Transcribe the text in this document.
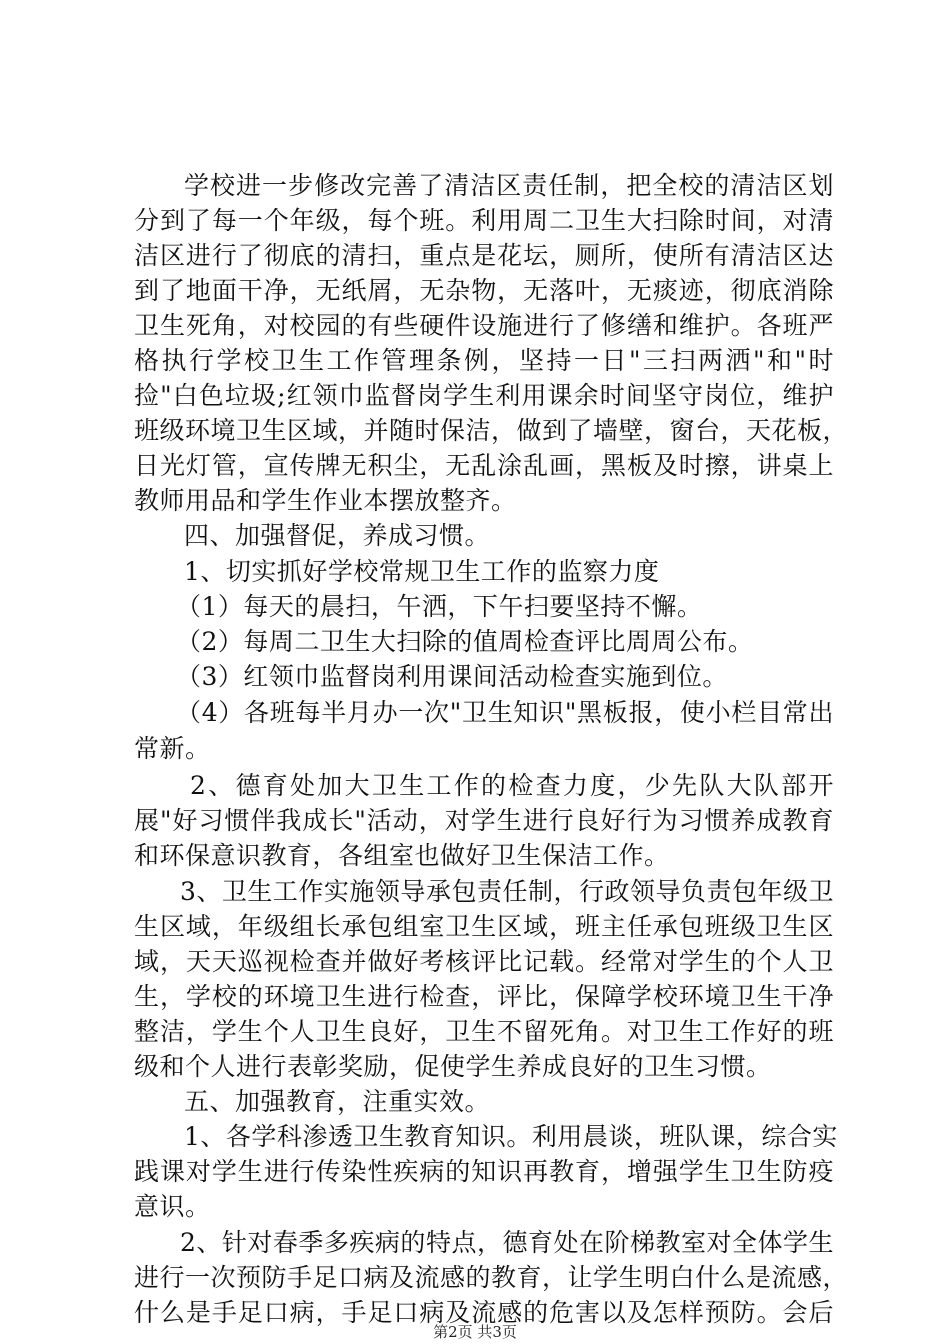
学校进一步修改完善了清洁区责任制，把全校的清洁区划
分到了每一个年级，每个班。利用周二卫生大扫除时间，对清
洁区进行了彻底的清扫，重点是花坛，厕所，使所有清洁区达
到了地面干净，无纸屑，无杂物，无落叶，无痰迹，彻底消除
卫生死角，对校园的有些硬件设施进行了修缮和维护。各班严
格执行学校卫生工作管理条例，坚持一日"三扫两洒"和"时
捡"白色垃圾;红领巾监督岗学生利用课余时间坚守岗位，维护
班级环境卫生区域，并随时保洁，做到了墙壁，窗台，天花板，
日光灯管，宣传牌无积尘，无乱涂乱画，黑板及时擦，讲桌上
教师用品和学生作业本摆放整齐。
四、加强督促，养成习惯。
1、切实抓好学校常规卫生工作的监察力度
（1）每天的晨扫，午洒，下午扫要坚持不懈。
（2）每周二卫生大扫除的值周检查评比周周公布。
（3）红领巾监督岗利用课间活动检查实施到位。
（4）各班每半月办一次"卫生知识"黑板报，使小栏目常出
常新。
2、德育处加大卫生工作的检查力度，少先队大队部开
展"好习惯伴我成长"活动，对学生进行良好行为习惯养成教育
和环保意识教育，各组室也做好卫生保洁工作。
3、卫生工作实施领导承包责任制，行政领导负责包年级卫
生区域，年级组长承包组室卫生区域，班主任承包班级卫生区
域，天天巡视检查并做好考核评比记载。经常对学生的个人卫
生，学校的环境卫生进行检查，评比，保障学校环境卫生干净
整洁，学生个人卫生良好，卫生不留死角。对卫生工作好的班
级和个人进行表彰奖励，促使学生养成良好的卫生习惯。
五、加强教育，注重实效。
1、各学科渗透卫生教育知识。利用晨谈，班队课，综合实
践课对学生进行传染性疾病的知识再教育，增强学生卫生防疫
意识。
2、针对春季多疾病的特点，德育处在阶梯教室对全体学生
进行一次预防手足口病及流感的教育，让学生明白什么是流感，
什么是手足口病，手足口病及流感的危害以及怎样预防。会后
第2页 共3页
